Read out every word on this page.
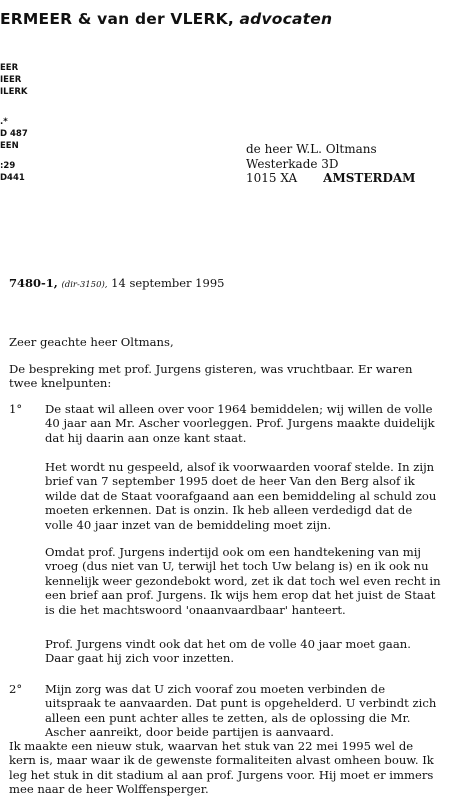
ERMEER & van der VLERK, advocaten
EER
IEER
ILERK
.*
D 487
EEN
:29
D441
de heer W.L. Oltmans
Westerkade 3D
1015 XA AMSTERDAM
7480-1, (dir-3150), 14 september 1995

Zeer geachte heer Oltmans,

De bespreking met prof. Jurgens gisteren, was vruchtbaar. Er waren twee knelpunten:

1° De staat wil alleen over voor 1964 bemiddelen; wij willen de volle 40 jaar aan Mr. Ascher voorleggen. Prof. Jurgens maakte duidelijk dat hij daarin aan onze kant staat.

Het wordt nu gespeeld, alsof ik voorwaarden vooraf stelde. In zijn brief van 7 september 1995 doet de heer Van den Berg alsof ik wilde dat de Staat voorafgaand aan een bemiddeling al schuld zou moeten erkennen. Dat is onzin. Ik heb alleen verdedigd dat de volle 40 jaar inzet van de bemiddeling moet zijn.

Omdat prof. Jurgens indertijd ook om een handtekening van mij vroeg (dus niet van U, terwijl het toch Uw belang is) en ik ook nu kennelijk weer gezondebokt word, zet ik dat toch wel even recht in een brief aan prof. Jurgens. Ik wijs hem erop dat het juist de Staat is die het machtswoord 'onaanvaardbaar' hanteert.

Prof. Jurgens vindt ook dat het om de volle 40 jaar moet gaan. Daar gaat hij zich voor inzetten.

2° Mijn zorg was dat U zich vooraf zou moeten verbinden de uitspraak te aanvaarden. Dat punt is opgehelderd. U verbindt zich alleen een punt achter alles te zetten, als de oplossing die Mr. Ascher aanreikt, door beide partijen is aanvaard.

Ik maakte een nieuw stuk, waarvan het stuk van 22 mei 1995 wel de kern is, maar waar ik de gewenste formaliteiten alvast omheen bouw. Ik leg het stuk in dit stadium al aan prof. Jurgens voor. Hij moet er immers mee naar de heer Wolffensperger.
